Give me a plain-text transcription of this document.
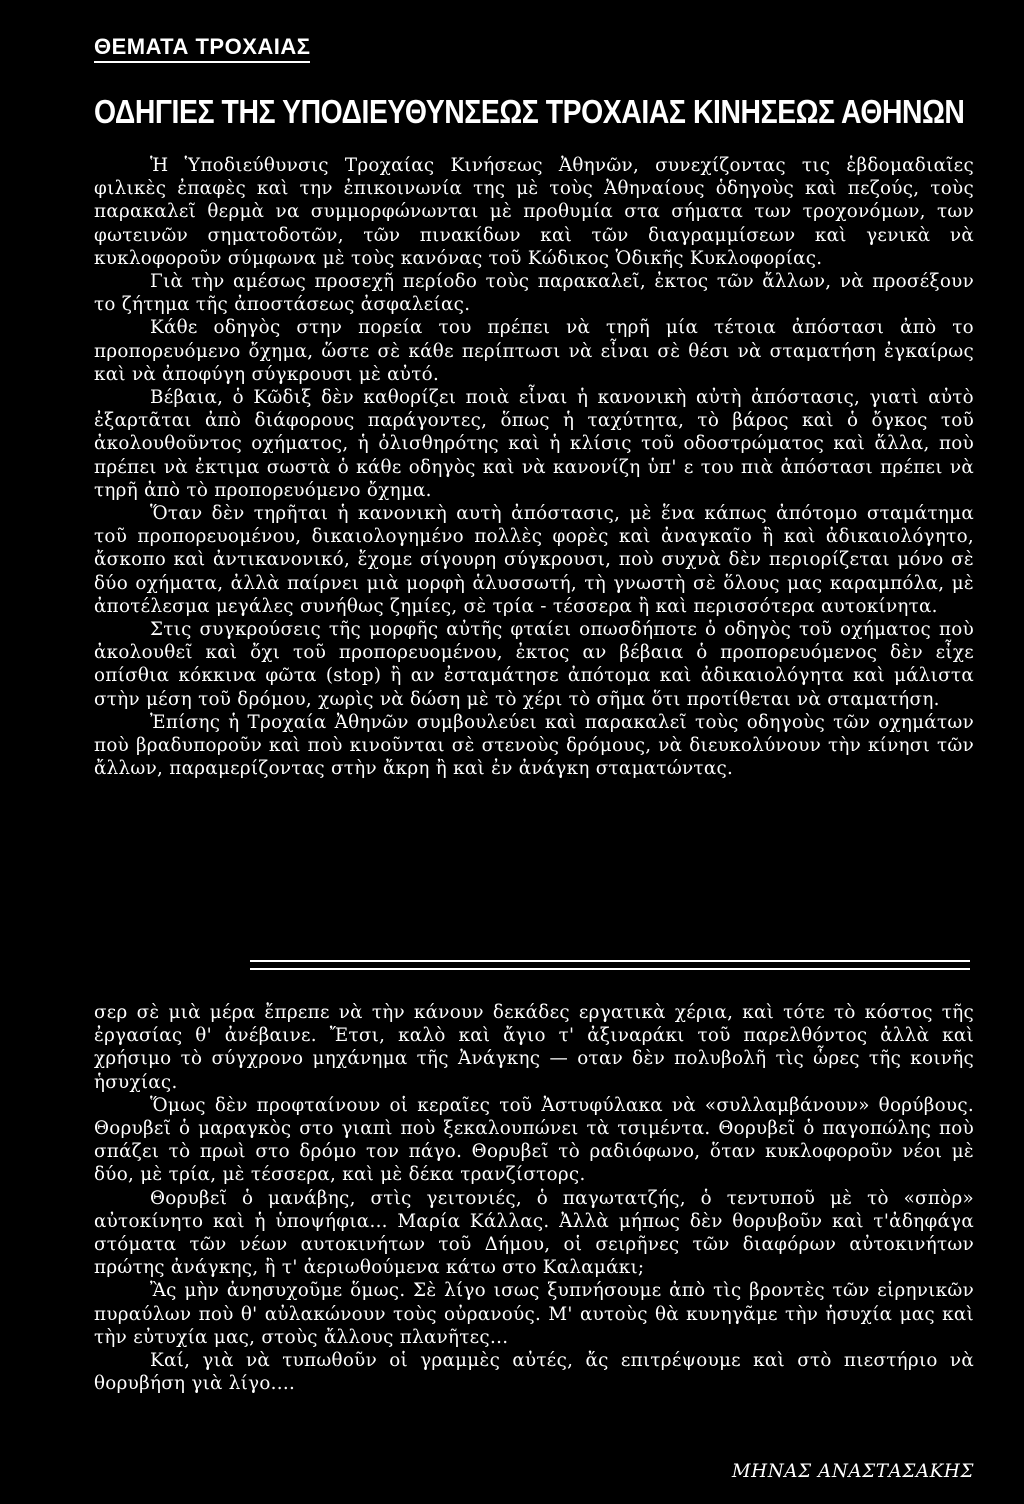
ΘΕΜΑΤΑ ΤΡΟΧΑΙΑΣ
ΟΔΗΓΙΕΣ ΤΗΣ ΥΠΟΔΙΕΥΘΥΝΣΕΩΣ ΤΡΟΧΑΙΑΣ ΚΙΝΗΣΕΩΣ ΑΘΗΝΩΝ

Ἡ Ὑποδιεύθυνσις Τροχαίας Κινήσεως Ἀθηνῶν, συνεχίζοντας τις ἑβδομαδιαῖες φιλικὲς ἐπαφὲς καὶ την ἐπικοινωνία της μὲ τοὺς Ἀθηναίους ὁδηγοὺς καὶ πεζούς, τοὺς παρακαλεῖ θερμὰ να συμμορφώνωνται μὲ προθυμία στα σήματα των τροχονόμων, των φωτεινῶν σηματοδοτῶν, τῶν πινακίδων καὶ τῶν διαγραμμίσεων καὶ γενικὰ νὰ κυκλοφοροῦν σύμφωνα μὲ τοὺς κανόνας τοῦ Κώδικος Ὁδικῆς Κυκλοφορίας.

Γιὰ τὴν αμέσως προσεχῆ περίοδο τοὺς παρακαλεῖ, ἐκτος τῶν ἄλλων, νὰ προσέξουν το ζήτημα τῆς ἀποστάσεως ἀσφαλείας.

Κάθε οδηγὸς στην πορεία του πρέπει νὰ τηρῆ μία τέτοια ἀπόστασι ἀπὸ το προπορευόμενο ὄχημα, ὥστε σὲ κάθε περίπτωσι νὰ εἶναι σὲ θέσι νὰ σταματήση ἐγκαίρως καὶ νὰ ἀποφύγη σύγκρουσι μὲ αὐτό.

Βέβαια, ὁ Κῶδιξ δὲν καθορίζει ποιὰ εἶναι ἡ κανονικὴ αὐτὴ ἀπόστασις, γιατὶ αὐτὸ ἐξαρτᾶται ἀπὸ διάφορους παράγοντες, ὅπως ἡ ταχύτητα, τὸ βάρος καὶ ὁ ὄγκος τοῦ ἀκολουθοῦντος οχήματος, ἡ ὀλισθηρότης καὶ ἡ κλίσις τοῦ οδοστρώματος καὶ ἄλλα, ποὺ πρέπει νὰ ἐκτιμα σωστὰ ὁ κάθε οδηγὸς καὶ νὰ κανονίζη ὑπ' ε του πιὰ ἀπόστασι πρέπει νὰ τηρῆ ἀπὸ τὸ προπορευόμενο ὄχημα.

Ὅταν δὲν τηρῆται ἡ κανονικὴ αυτὴ ἀπόστασις, μὲ ἕνα κάπως ἀπότομο σταμάτημα τοῦ προπορευομένου, δικαιολογημένο πολλὲς φορὲς καὶ ἀναγκαῖο ἢ καὶ ἀδικαιολόγητο, ἄσκοπο καὶ ἀντικανονικό, ἔχομε σίγουρη σύγκρουσι, ποὺ συχνὰ δὲν περιορίζεται μόνο σὲ δύο οχήματα, ἀλλὰ παίρνει μιὰ μορφὴ ἁλυσσωτή, τὴ γνωστὴ σὲ ὅλους μας καραμπόλα, μὲ ἀποτέλεσμα μεγάλες συνήθως ζημίες, σὲ τρία - τέσσερα ἢ καὶ περισσότερα αυτοκίνητα.

Στις συγκρούσεις τῆς μορφῆς αὐτῆς φταίει οπωσδήποτε ὁ οδηγὸς τοῦ οχήματος ποὺ ἀκολουθεῖ καὶ ὄχι τοῦ προπορευομένου, ἐκτος αν βέβαια ὁ προπορευόμενος δὲν εἶχε οπίσθια κόκκινα φῶτα (stop) ἢ αν ἐσταμάτησε ἀπότομα καὶ ἀδικαιολόγητα καὶ μάλιστα στὴν μέση τοῦ δρόμου, χωρὶς νὰ δώση μὲ τὸ χέρι τὸ σῆμα ὅτι προτίθεται νὰ σταματήση.

Ἐπίσης ἡ Τροχαία Ἀθηνῶν συμβουλεύει καὶ παρακαλεῖ τοὺς οδηγοὺς τῶν οχημάτων ποὺ βραδυποροῦν καὶ ποὺ κινοῦνται σὲ στενοὺς δρόμους, νὰ διευκολύνουν τὴν κίνησι τῶν ἄλλων, παραμερίζοντας στὴν ἄκρη ἢ καὶ ἐν ἀνάγκη σταματώντας.

σερ σὲ μιὰ μέρα ἔπρεπε νὰ τὴν κάνουν δεκάδες εργατικὰ χέρια, καὶ τότε τὸ κόστος τῆς ἐργασίας θ' ἀνέβαινε. Ἔτσι, καλὸ καὶ ἄγιο τ' ἀξιναράκι τοῦ παρελθόντος ἀλλὰ καὶ χρήσιμο τὸ σύγχρονο μηχάνημα τῆς Ἀνάγκης — οταν δὲν πολυβολῆ τὶς ὧρες τῆς κοινῆς ἡσυχίας.

Ὅμως δὲν προφταίνουν οἱ κεραῖες τοῦ Ἀστυφύλακα νὰ «συλλαμβάνουν» θορύβους. Θορυβεῖ ὁ μαραγκὸς στο γιαπὶ ποὺ ξεκαλουπώνει τὰ τσιμέντα. Θορυβεῖ ὁ παγοπώλης ποὺ σπάζει τὸ πρωὶ στο δρόμο τον πάγο. Θορυβεῖ τὸ ραδιόφωνο, ὅταν κυκλοφοροῦν νέοι μὲ δύο, μὲ τρία, μὲ τέσσερα, καὶ μὲ δέκα τρανζίστορς.

Θορυβεῖ ὁ μανάβης, στὶς γειτονιές, ὁ παγωτατζής, ὁ τεντυποῦ μὲ τὸ «σπὸρ» αὐτοκίνητο καὶ ἡ ὑποψήφια... Μαρία Κάλλας. Ἀλλὰ μήπως δὲν θορυβοῦν καὶ τ'ἀδηφάγα στόματα τῶν νέων αυτοκινήτων τοῦ Δήμου, οἱ σειρῆνες τῶν διαφόρων αὐτοκινήτων πρώτης ἀνάγκης, ἢ τ' ἀεριωθούμενα κάτω στο Καλαμάκι;

Ἂς μὴν ἀνησυχοῦμε ὅμως. Σὲ λίγο ισως ξυπνήσουμε ἀπὸ τὶς βροντὲς τῶν εἰρηνικῶν πυραύλων ποὺ θ' αὐλακώνουν τοὺς οὐρανούς. Μ' αυτοὺς θὰ κυνηγᾶμε τὴν ἡσυχία μας καὶ τὴν εὐτυχία μας, στοὺς ἄλλους πλανῆτες...

Καί, γιὰ νὰ τυπωθοῦν οἱ γραμμὲς αὐτές, ἄς επιτρέψουμε καὶ στὸ πιεστήριο νὰ θορυβήση γιὰ λίγο....

ΜΗΝΑΣ ΑΝΑΣΤΑΣΑΚΗΣ
